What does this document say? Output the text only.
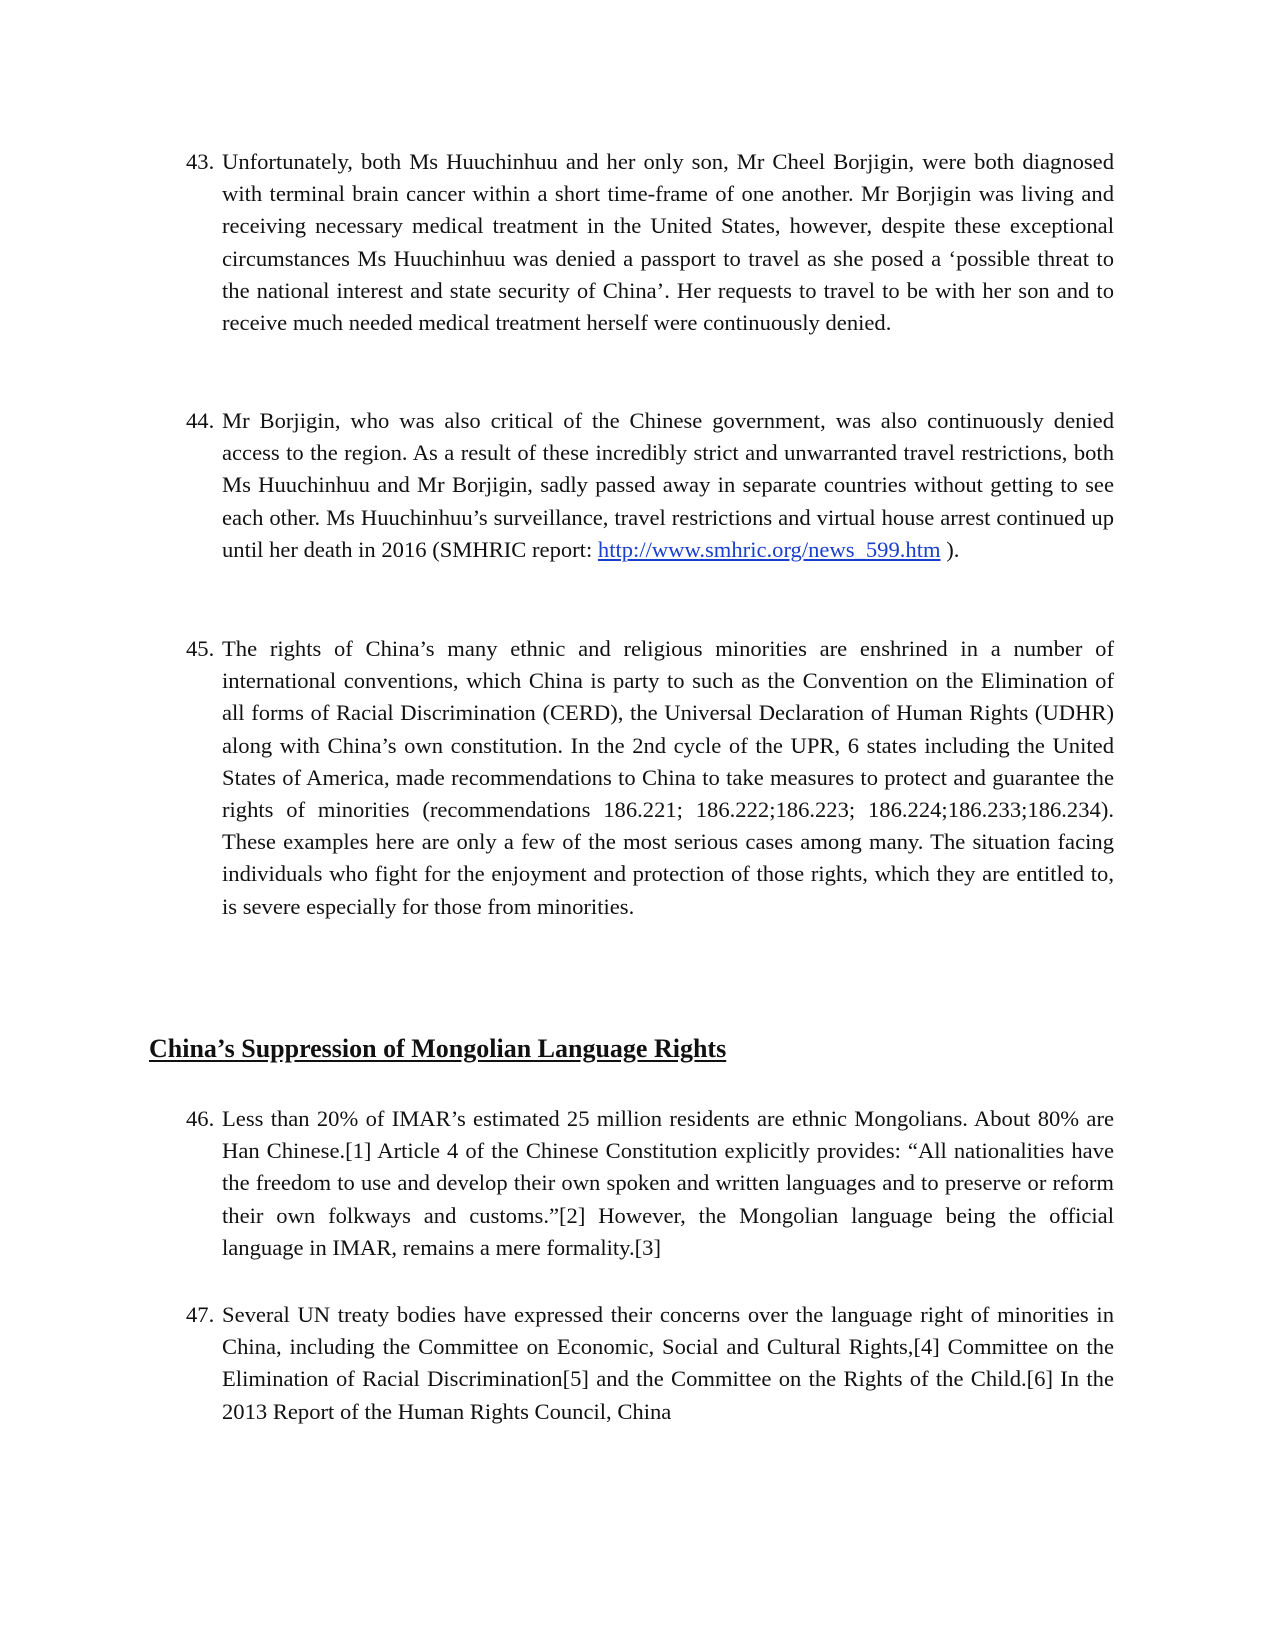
43. Unfortunately, both Ms Huuchinhuu and her only son, Mr Cheel Borjigin, were both diagnosed with terminal brain cancer within a short time-frame of one another. Mr Borjigin was living and receiving necessary medical treatment in the United States, however, despite these exceptional circumstances Ms Huuchinhuu was denied a passport to travel as she posed a ‘possible threat to the national interest and state security of China’. Her requests to travel to be with her son and to receive much needed medical treatment herself were continuously denied.
44. Mr Borjigin, who was also critical of the Chinese government, was also continuously denied access to the region. As a result of these incredibly strict and unwarranted travel restrictions, both Ms Huuchinhuu and Mr Borjigin, sadly passed away in separate countries without getting to see each other. Ms Huuchinhuu’s surveillance, travel restrictions and virtual house arrest continued up until her death in 2016 (SMHRIC report: http://www.smhric.org/news_599.htm ).
45. The rights of China’s many ethnic and religious minorities are enshrined in a number of international conventions, which China is party to such as the Convention on the Elimination of all forms of Racial Discrimination (CERD), the Universal Declaration of Human Rights (UDHR) along with China’s own constitution. In the 2nd cycle of the UPR, 6 states including the United States of America, made recommendations to China to take measures to protect and guarantee the rights of minorities (recommendations 186.221; 186.222;186.223; 186.224;186.233;186.234). These examples here are only a few of the most serious cases among many. The situation facing individuals who fight for the enjoyment and protection of those rights, which they are entitled to, is severe especially for those from minorities.
China’s Suppression of Mongolian Language Rights
46. Less than 20% of IMAR’s estimated 25 million residents are ethnic Mongolians. About 80% are Han Chinese.[1] Article 4 of the Chinese Constitution explicitly provides: “All nationalities have the freedom to use and develop their own spoken and written languages and to preserve or reform their own folkways and customs.”[2] However, the Mongolian language being the official language in IMAR, remains a mere formality.[3]
47. Several UN treaty bodies have expressed their concerns over the language right of minorities in China, including the Committee on Economic, Social and Cultural Rights,[4] Committee on the Elimination of Racial Discrimination[5] and the Committee on the Rights of the Child.[6] In the 2013 Report of the Human Rights Council, China
